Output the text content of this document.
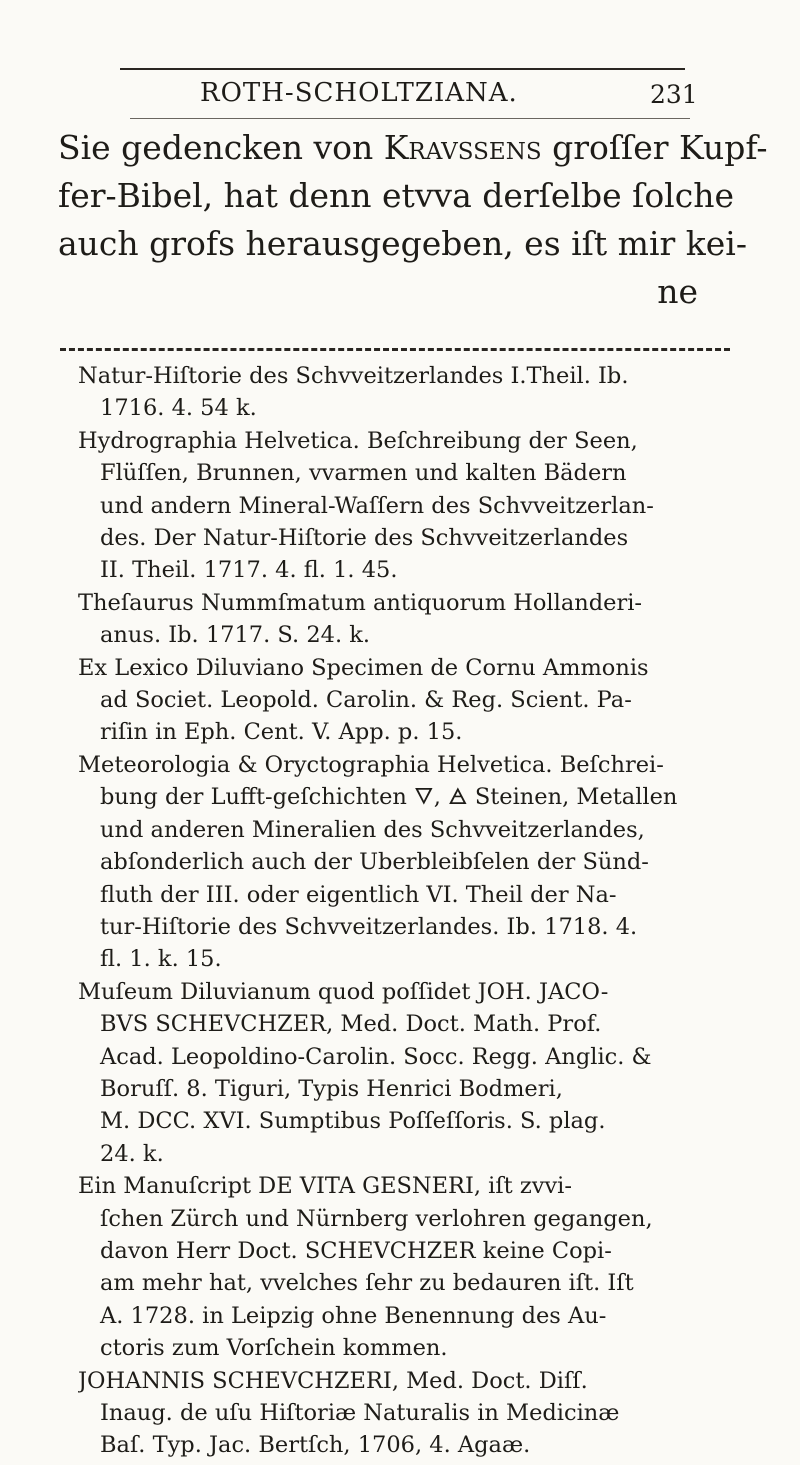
ROTH-SCHOLTZIANA.	231
Sie gedencken von Kravssens groſſer Kupf-
fer-Bibel, hat denn etvva derſelbe ſolche
auch grofs herausgegeben, es iſt mir kei-
ne
Natur-Hiſtorie des Schvveitzerlandes I.Theil. Ib.
1716. 4. 54 k.
Hydrographia Helvetica. Beſchreibung der Seen,
Flüſſen, Brunnen, vvarmen und kalten Bädern
und andern Mineral-Waſſern des Schvveitzerlan-
des. Der Natur-Hiſtorie des Schvveitzerlandes
II. Theil. 1717. 4. fl. 1. 45.
Theſaurus Nummſmatum antiquorum Hollanderi-
anus. Ib. 1717. S. 24. k.
Ex Lexico Diluviano Specimen de Cornu Ammonis
ad Societ. Leopold. Carolin. & Reg. Scient. Pa-
riſin in Eph. Cent. V. App. p. 15.
Meteorologia & Oryctographia Helvetica. Beſchrei-
bung der Lufft-geſchichten 🜄, 🜁 Steinen, Metallen
und anderen Mineralien des Schvveitzerlandes,
abſonderlich auch der Uberbleibſelen der Sünd-
fluth der III. oder eigentlich VI. Theil der Na-
tur-Hiſtorie des Schvveitzerlandes. Ib. 1718. 4.
fl. 1. k. 15.
Muſeum Diluvianum quod poſſidet JOH. JACO-
BVS SCHEVCHZER, Med. Doct. Math. Prof.
Acad. Leopoldino-Carolin. Socc. Regg. Anglic. &
Boruſſ. 8. Tiguri, Typis Henrici Bodmeri,
M. DCC. XVI. Sumptibus Poſſeſſoris. S. plag.
24. k.
Ein Manuſcript DE VITA GESNERI, iſt zvvi-
ſchen Zürch und Nürnberg verlohren gegangen,
davon Herr Doct. SCHEVCHZER keine Copi-
am mehr hat, vvelches ſehr zu bedauren iſt. Iſt
A. 1728. in Leipzig ohne Benennung des Au-
ctoris zum Vorſchein kommen.
JOHANNIS SCHEVCHZERI, Med. Doct. Diſſ.
Inaug. de uſu Hiſtoriæ Naturalis in Medicinæ
Baſ. Typ. Jac. Bertſch, 1706, 4. Agaæ.
